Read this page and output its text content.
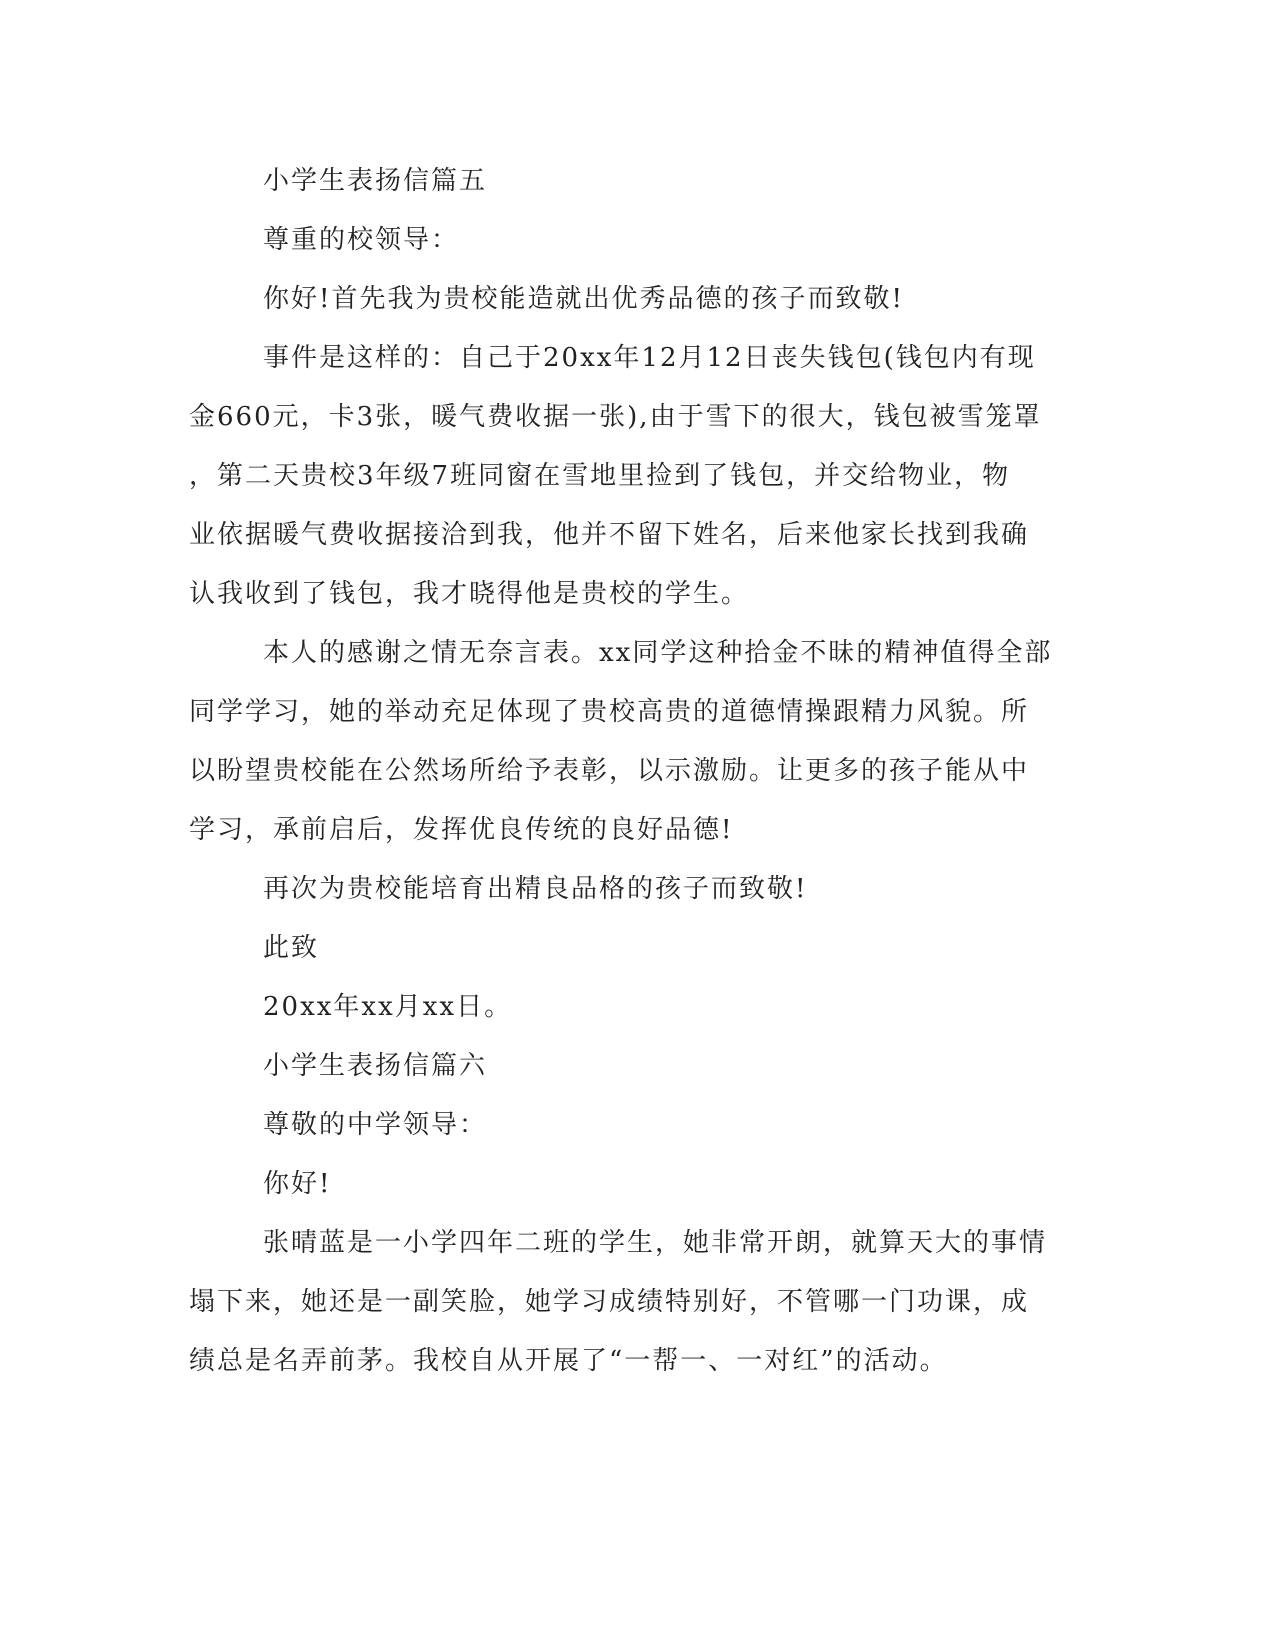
小学生表扬信篇五
尊重的校领导：
你好!首先我为贵校能造就出优秀品德的孩子而致敬!
事件是这样的：自己于20xx年12月12日丧失钱包(钱包内有现
金660元，卡3张，暖气费收据一张),由于雪下的很大，钱包被雪笼罩
，第二天贵校3年级7班同窗在雪地里捡到了钱包，并交给物业，物
业依据暖气费收据接洽到我，他并不留下姓名，后来他家长找到我确
认我收到了钱包，我才晓得他是贵校的学生。
本人的感谢之情无奈言表。xx同学这种拾金不昧的精神值得全部
同学学习，她的举动充足体现了贵校高贵的道德情操跟精力风貌。所
以盼望贵校能在公然场所给予表彰，以示激励。让更多的孩子能从中
学习，承前启后，发挥优良传统的良好品德!
再次为贵校能培育出精良品格的孩子而致敬!
此致
20xx年xx月xx日。
小学生表扬信篇六
尊敬的中学领导：
你好!
张晴蓝是一小学四年二班的学生，她非常开朗，就算天大的事情
塌下来，她还是一副笑脸，她学习成绩特别好，不管哪一门功课，成
绩总是名弄前茅。我校自从开展了“一帮一、一对红”的活动。
